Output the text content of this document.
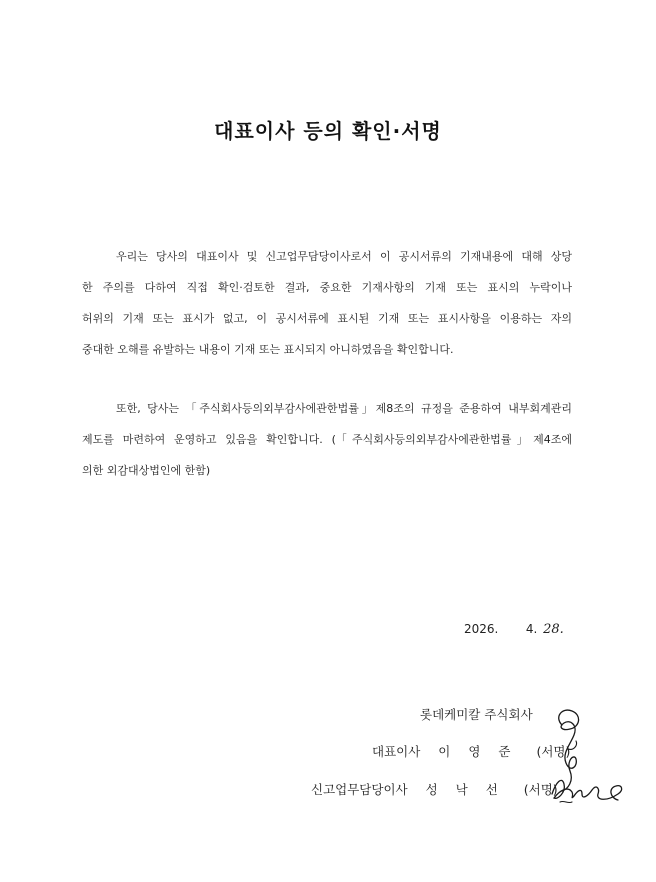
대표이사 등의 확인·서명
우리는 당사의 대표이사 및 신고업무담당이사로서 이 공시서류의 기재내용에 대해 상당
한 주의를 다하여 직접 확인·검토한 결과, 중요한 기재사항의 기재 또는 표시의 누락이나
허위의 기재 또는 표시가 없고, 이 공시서류에 표시된 기재 또는 표시사항을 이용하는 자의
중대한 오해를 유발하는 내용이 기재 또는 표시되지 아니하였음을 확인합니다.
또한, 당사는 「주식회사등의외부감사에관한법률」제8조의 규정을 준용하여 내부회계관리
제도를 마련하여 운영하고 있음을 확인합니다. (「주식회사등의외부감사에관한법률」제4조에
의한 외감대상법인에 한함)
2026. 4. 28.
롯데케미칼 주식회사
대표이사 이 영 준 (서명)
신고업무담당이사 성 낙 선 (서명)
